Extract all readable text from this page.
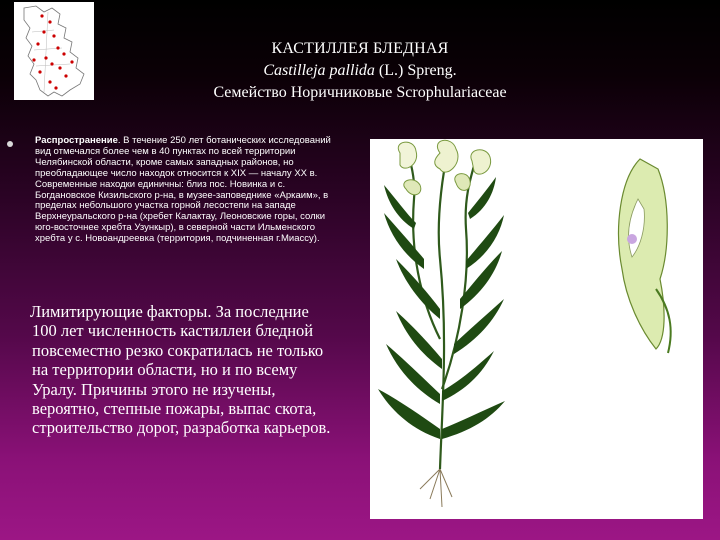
КАСТИЛЛЕЯ БЛЕДНАЯ
Castilleja pallida (L.) Spreng.
Семейство Норичниковые Scrophulariaceae
Распространение. В течение 250 лет ботанических исследований вид отмечался более чем в 40 пунктах по всей территории Челябинской области, кроме самых западных районов, но преобладающее число находок относится к XIX — началу XX в. Современные находки единичны: близ пос. Новинка и с. Богдановское Кизильского р-на, в музее-заповеднике «Аркаим», в пределах небольшого участка горной лесостепи на западе Верхнеуральского р-на (хребет Калактау, Леоновские горы, солки юго-восточнее хребта Узункыр), в северной части Ильменского хребта у с. Новоандреевка (территория, подчиненная г.Миассу).
Лимитирующие факторы. За последние 100 лет численность кастиллеи бледной повсеместно резко сократилась не только на территории области, но и по всему Уралу. Причины этого не изучены, вероятно, степные пожары, выпас скота, строительство дорог, разработка карьеров.
